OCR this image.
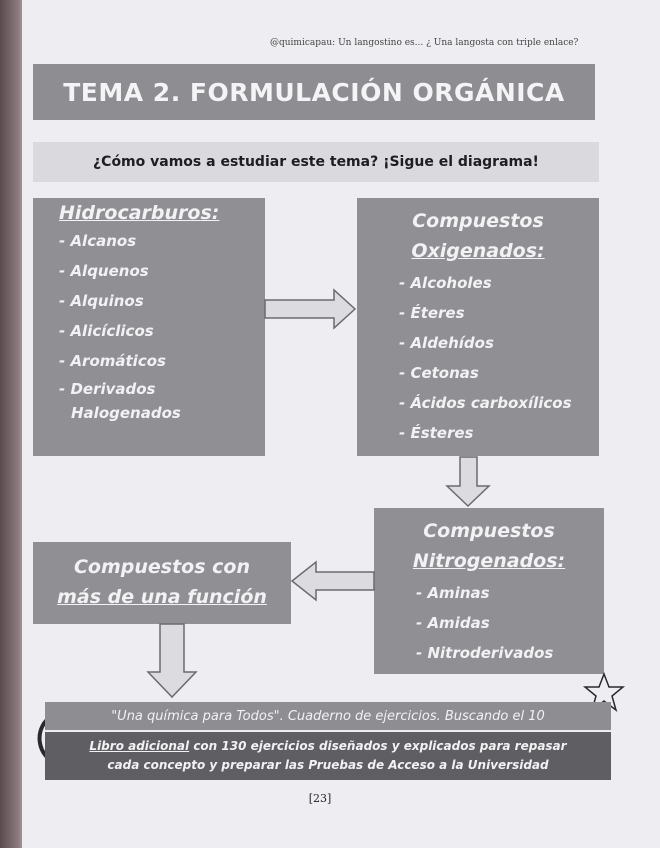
@quimicapau: Un langostino es... ¿ Una langosta con triple enlace?
TEMA 2. FORMULACIÓN ORGÁNICA
¿Cómo vamos a estudiar este tema? ¡Sigue el diagrama!
Hidrocarburos:
- Alcanos
- Alquenos
- Alquinos
- Alicíclicos
- Aromáticos
- Derivados
Halogenados
Compuestos
Oxigenados:
- Alcoholes
- Éteres
- Aldehídos
- Cetonas
- Ácidos carboxílicos
- Ésteres
Compuestos
Nitrogenados:
- Aminas
- Amidas
- Nitroderivados
Compuestos con
más de una función
"Una química para Todos". Cuaderno de ejercicios. Buscando el 10
Libro adicional con 130 ejercicios diseñados y explicados para repasar
cada concepto y preparar las Pruebas de Acceso a la Universidad
[23]
